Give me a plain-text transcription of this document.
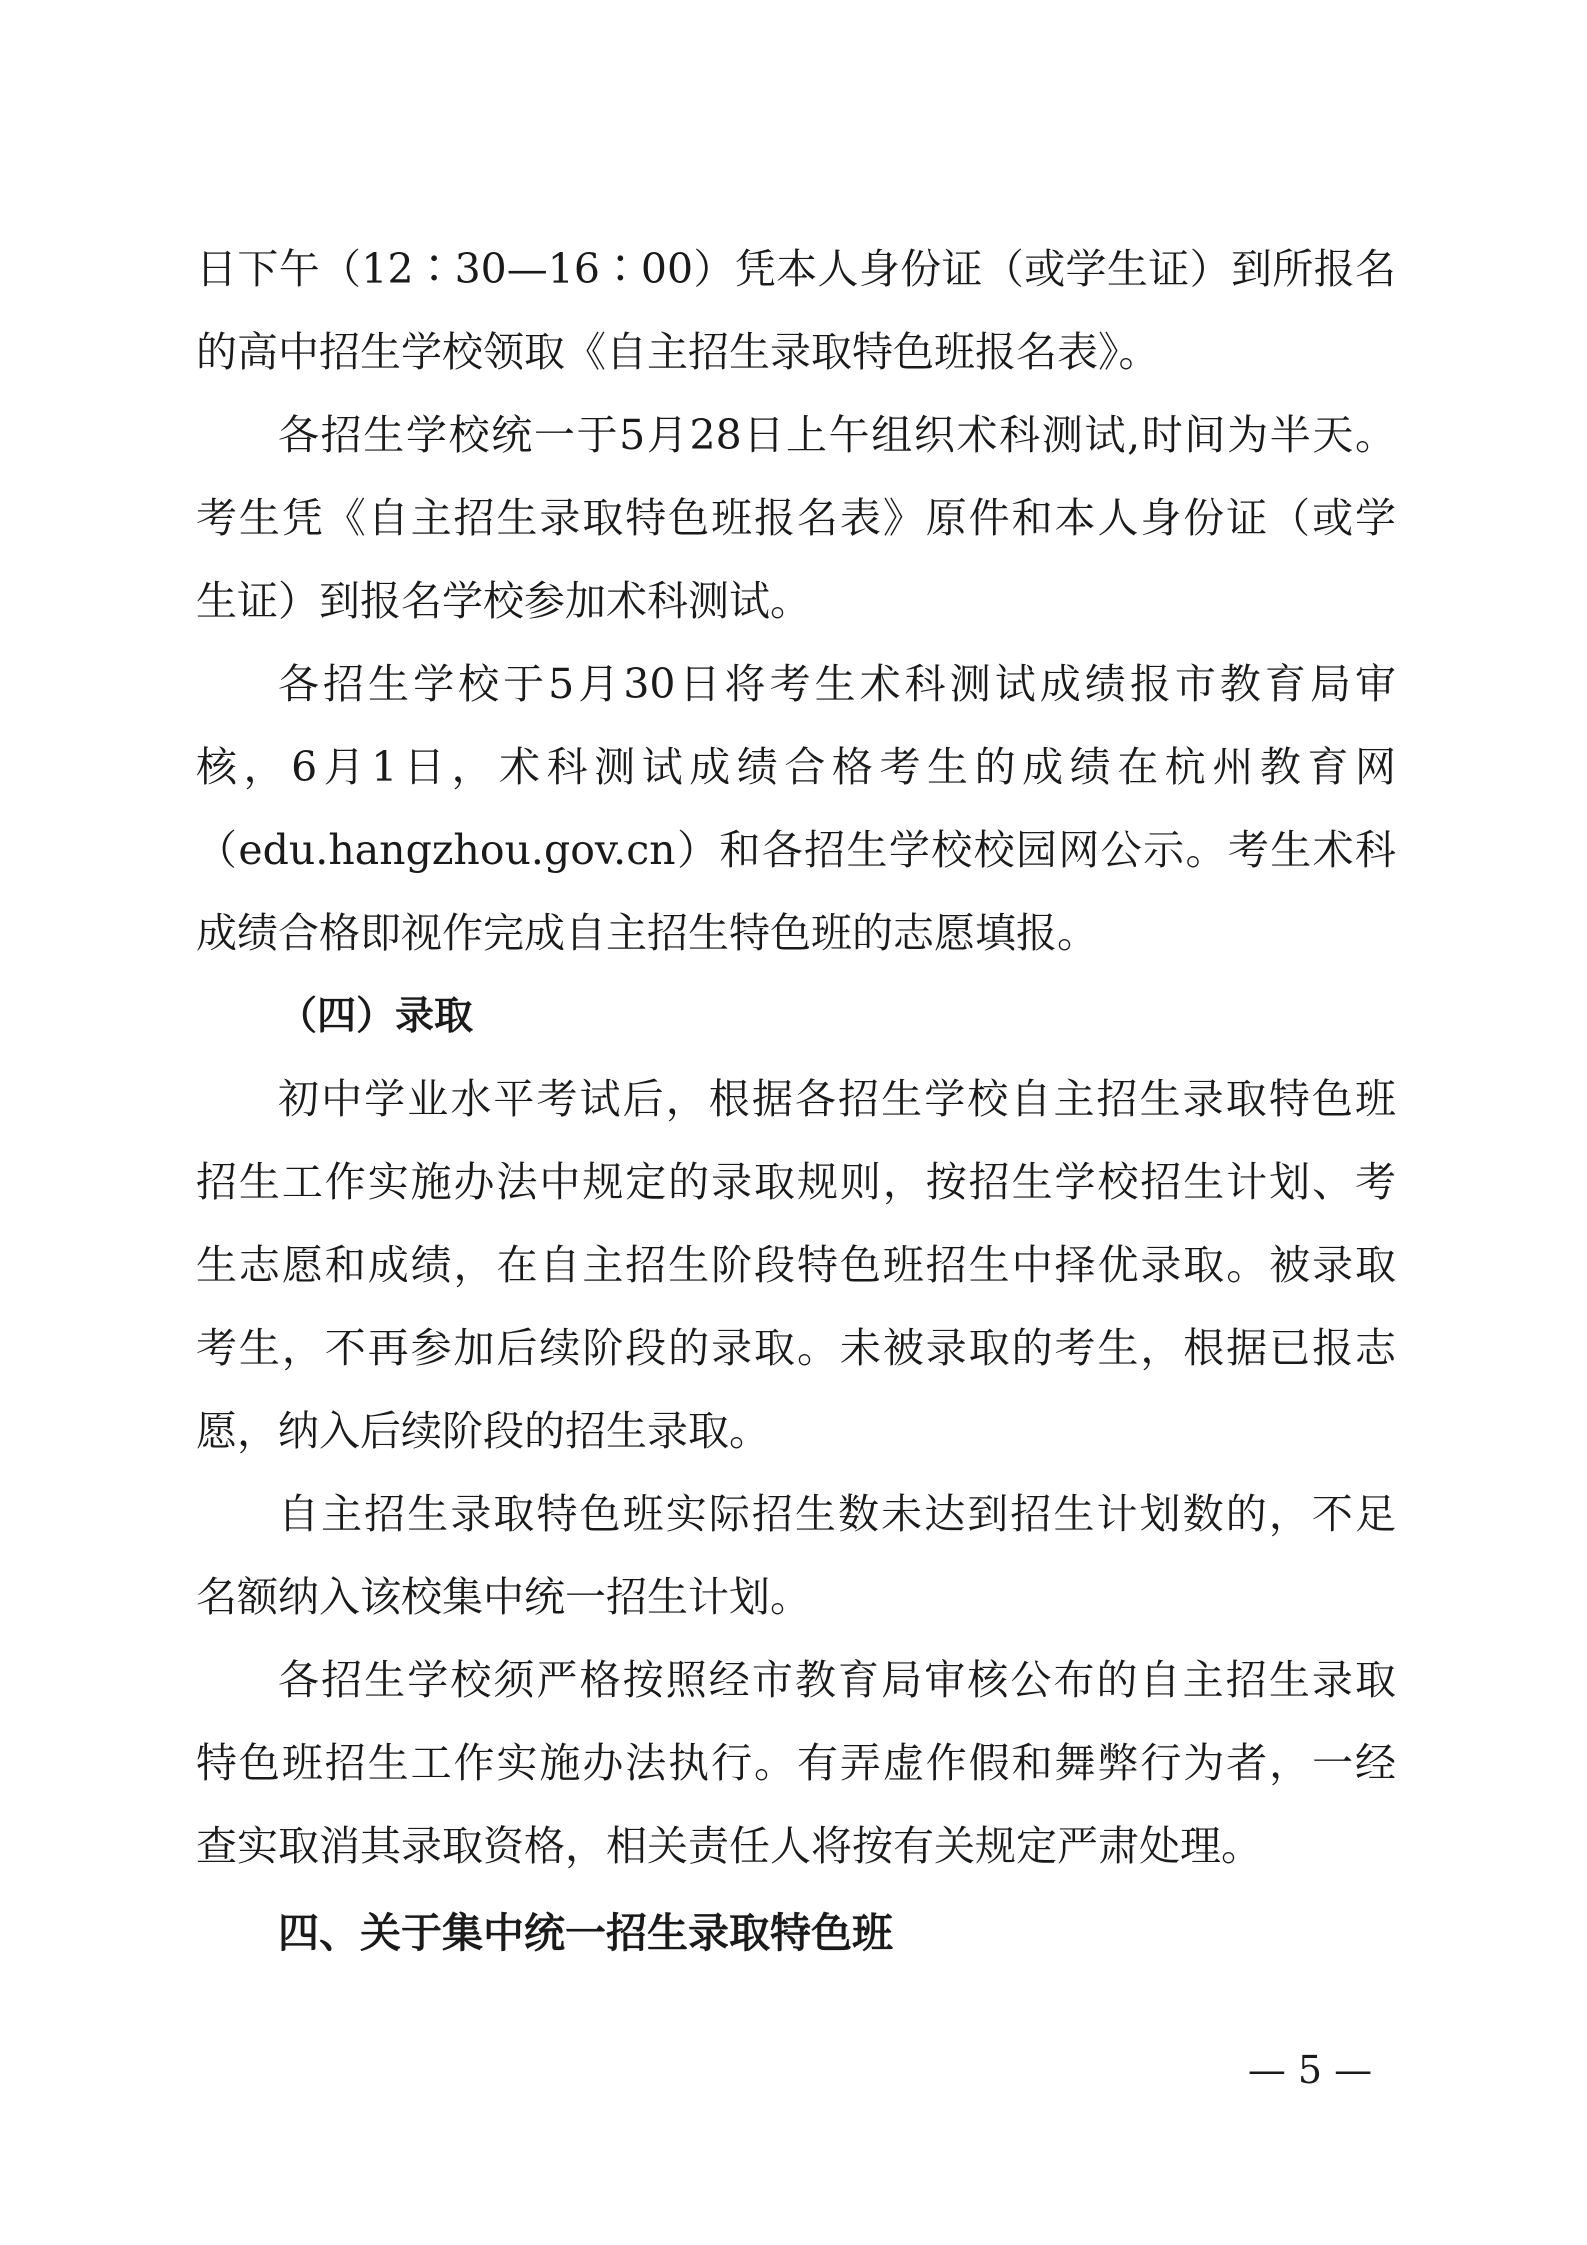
日下午（12∶30—16∶00）凭本人身份证（或学生证）到所报名
的高中招生学校领取《自主招生录取特色班报名表》。
各招生学校统一于5月28日上午组织术科测试,时间为半天。
考生凭《自主招生录取特色班报名表》原件和本人身份证（或学
生证）到报名学校参加术科测试。
各招生学校于5月30日将考生术科测试成绩报市教育局审
核，6月1日，术科测试成绩合格考生的成绩在杭州教育网
（edu.hangzhou.gov.cn）和各招生学校校园网公示。考生术科
成绩合格即视作完成自主招生特色班的志愿填报。
（四）录取
初中学业水平考试后，根据各招生学校自主招生录取特色班
招生工作实施办法中规定的录取规则，按招生学校招生计划、考
生志愿和成绩，在自主招生阶段特色班招生中择优录取。被录取
考生，不再参加后续阶段的录取。未被录取的考生，根据已报志
愿，纳入后续阶段的招生录取。
自主招生录取特色班实际招生数未达到招生计划数的，不足
名额纳入该校集中统一招生计划。
各招生学校须严格按照经市教育局审核公布的自主招生录取
特色班招生工作实施办法执行。有弄虚作假和舞弊行为者，一经
查实取消其录取资格，相关责任人将按有关规定严肃处理。
四、关于集中统一招生录取特色班
— 5 —
